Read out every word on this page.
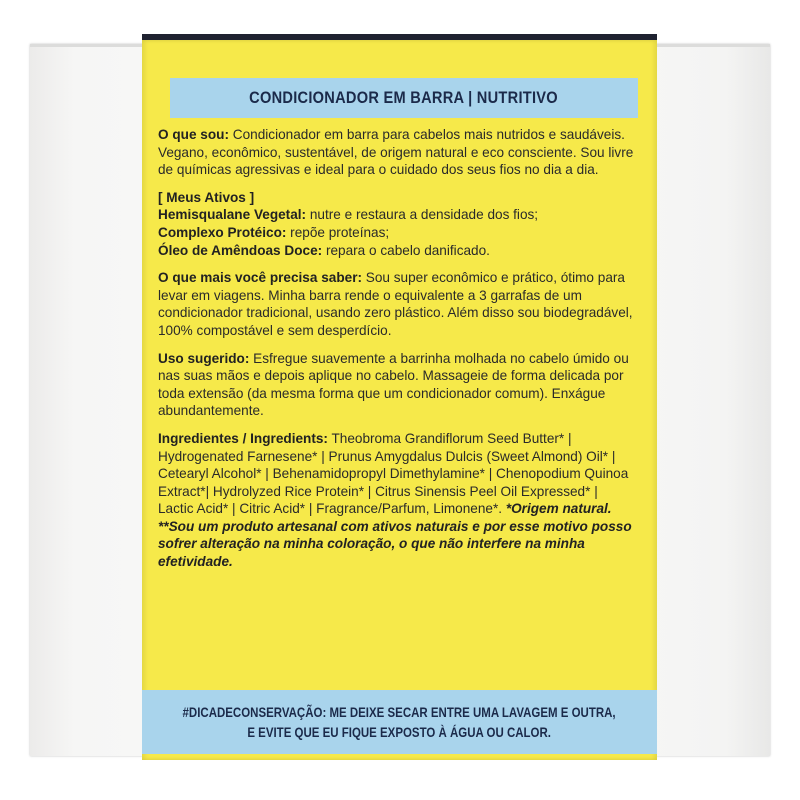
CONDICIONADOR EM BARRA | NUTRITIVO

O que sou: Condicionador em barra para cabelos mais nutridos e saudáveis. Vegano, econômico, sustentável, de origem natural e eco consciente. Sou livre de químicas agressivas e ideal para o cuidado dos seus fios no dia a dia.

[ Meus Ativos ]
Hemisqualane Vegetal: nutre e restaura a densidade dos fios;
Complexo Protéico: repõe proteínas;
Óleo de Amêndoas Doce: repara o cabelo danificado.

O que mais você precisa saber: Sou super econômico e prático, ótimo para levar em viagens. Minha barra rende o equivalente a 3 garrafas de um condicionador tradicional, usando zero plástico. Além disso sou biodegradável, 100% compostável e sem desperdício.

Uso sugerido: Esfregue suavemente a barrinha molhada no cabelo úmido ou nas suas mãos e depois aplique no cabelo. Massageie de forma delicada por toda extensão (da mesma forma que um condicionador comum). Enxágue abundantemente.

Ingredientes / Ingredients: Theobroma Grandiflorum Seed Butter* | Hydrogenated Farnesene* | Prunus Amygdalus Dulcis (Sweet Almond) Oil* | Cetearyl Alcohol* | Behenamidopropyl Dimethylamine* | Chenopodium Quinoa Extract*| Hydrolyzed Rice Protein* | Citrus Sinensis Peel Oil Expressed* | Lactic Acid* | Citric Acid* | Fragrance/Parfum, Limonene*. *Origem natural. **Sou um produto artesanal com ativos naturais e por esse motivo posso sofrer alteração na minha coloração, o que não interfere na minha efetividade.

#DICADECONSERVAÇÃO: ME DEIXE SECAR ENTRE UMA LAVAGEM E OUTRA,
E EVITE QUE EU FIQUE EXPOSTO À ÁGUA OU CALOR.
